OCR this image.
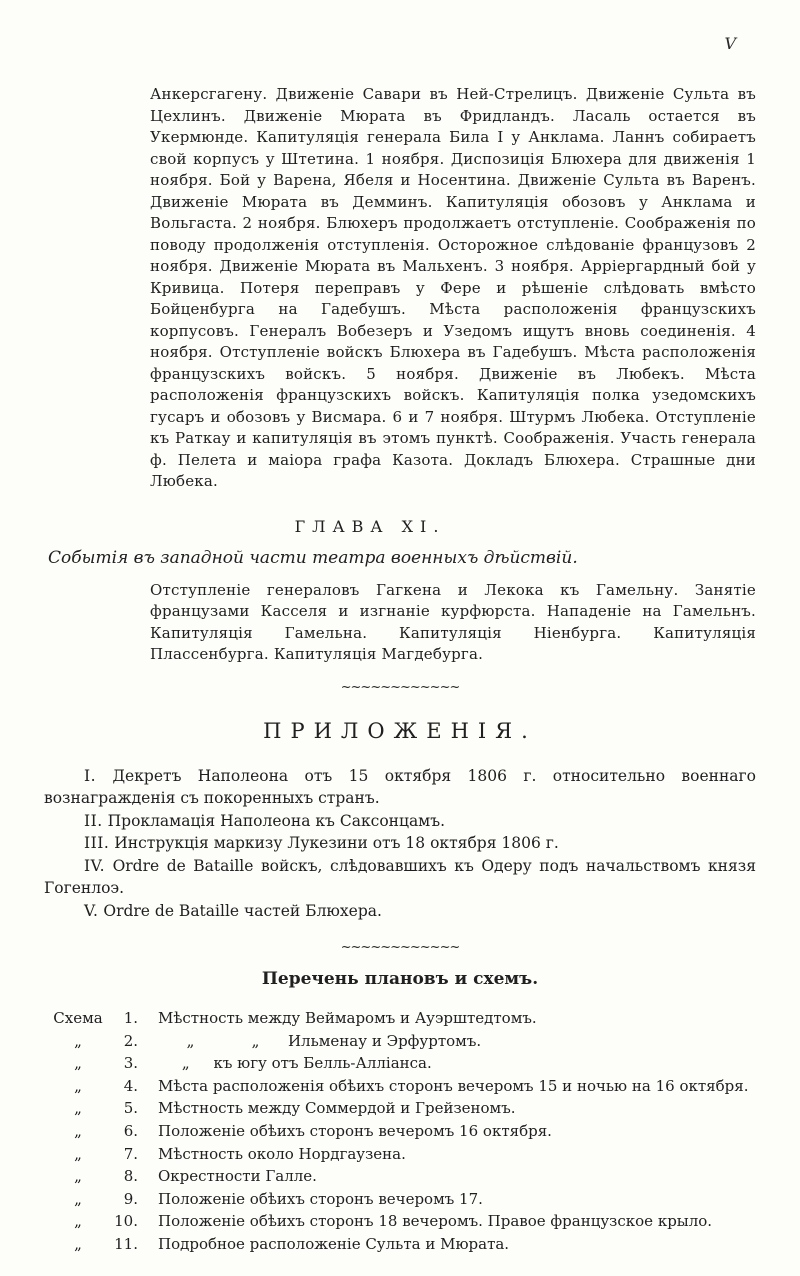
V

Анкерсгагену. Движеніе Савари въ Ней-Стрелицъ. Движеніе Сульта въ Цехлинъ. Движеніе Мюрата въ Фридландъ. Ласаль остается въ Укермюнде. Капитуляція генерала Била I у Анклама. Ланнъ собираетъ свой корпусъ у Штетина. 1 ноября. Диспозиція Блюхера для движенія 1 ноября. Бой у Варена, Ябеля и Носентина. Движеніе Сульта въ Варенъ. Движеніе Мюрата въ Демминъ. Капитуляція обозовъ у Анклама и Вольгаста. 2 ноября. Блюхеръ продолжаетъ отступленіе. Соображенія по поводу продолженія отступленія. Осторожное слѣдованіе французовъ 2 ноября. Движеніе Мюрата въ Мальхенъ. 3 ноября. Арріергардный бой у Кривица. Потеря переправъ у Фере и рѣшеніе слѣдовать вмѣсто Бойценбурга на Гадебушъ. Мѣста расположенія французскихъ корпусовъ. Генералъ Вобезеръ и Узедомъ ищутъ вновь соединенія. 4 ноября. Отступленіе войскъ Блюхера въ Гадебушъ. Мѣста расположенія французскихъ войскъ. 5 ноября. Движеніе въ Любекъ. Мѣста расположенія французскихъ войскъ. Капитуляція полка узедомскихъ гусаръ и обозовъ у Висмара. 6 и 7 ноября. Штурмъ Любека. Отступленіе къ Раткау и капитуляція въ этомъ пунктѣ. Соображенія. Участь генерала ф. Пелета и маіора графа Казота. Докладъ Блюхера. Страшные дни Любека.

ГЛАВА XI.

Событія въ западной части театра военныхъ дѣйствій.

Отступленіе генераловъ Гагкена и Лекока къ Гамельну. Занятіе французами Касселя и изгнаніе курфюрста. Нападеніе на Гамельнъ. Капитуляція Гамельна. Капитуляція Ніенбурга. Капитуляція Плассенбурга. Капитуляція Магдебурга.

~~~~~~~~~~~~
ПРИЛОЖЕНІЯ.

I. Декретъ Наполеона отъ 15 октября 1806 г. относительно военнаго вознагражденія съ покоренныхъ странъ.

II. Прокламація Наполеона къ Саксонцамъ.

III. Инструкція маркизу Лукезини отъ 18 октября 1806 г.

IV. Ordre de Bataille войскъ, слѣдовавшихъ къ Одеру подъ начальствомъ князя Гогенлоэ.

V. Ordre de Bataille частей Блюхера.

~~~~~~~~~~~~
Перечень плановъ и схемъ.
Схема	1. Мѣстность между Веймаромъ и Ауэрштедтомъ.
„	2. „            „      Ильменау и Эрфуртомъ.
„	3. „     къ югу отъ Белль-Алліанса.
„	4. Мѣста расположенія обѣихъ сторонъ вечеромъ 15 и ночью на 16 октября.
„	5. Мѣстность между Соммердой и Грейзеномъ.
„	6. Положеніе обѣихъ сторонъ вечеромъ 16 октября.
„	7. Мѣстность около Нордгаузена.
„	8. Окрестности Галле.
„	9. Положеніе обѣихъ сторонъ вечеромъ 17.
„	10. Положеніе обѣихъ сторонъ 18 вечеромъ. Правое французское крыло.
„	11. Подробное расположеніе Сульта и Мюрата.
